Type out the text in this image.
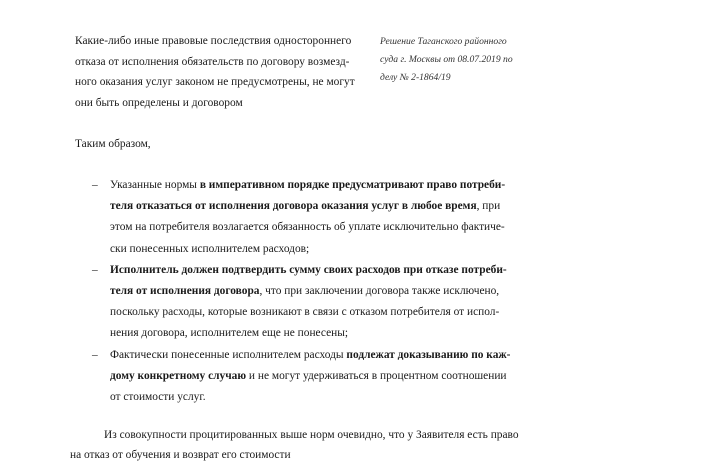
Какие-либо иные правовые последствия одностороннего
отказа от исполнения обязательств по договору возмезд-
ного оказания услуг законом не предусмотрены, не могут
они быть определены и договором
Решение Таганского районного
суда г. Москвы от 08.07.2019 по
делу № 2-1864/19
Таким образом,
– Указанные нормы в императивном порядке предусматривают право потреби-
теля отказаться от исполнения договора оказания услуг в любое время, при
этом на потребителя возлагается обязанность об уплате исключительно фактиче-
ски понесенных исполнителем расходов;
– Исполнитель должен подтвердить сумму своих расходов при отказе потреби-
теля от исполнения договора, что при заключении договора также исключено,
поскольку расходы, которые возникают в связи с отказом потребителя от испол-
нения договора, исполнителем еще не понесены;
– Фактически понесенные исполнителем расходы подлежат доказыванию по каж-
дому конкретному случаю и не могут удерживаться в процентном соотношении
от стоимости услуг.
Из совокупности процитированных выше норм очевидно, что у Заявителя есть право
на отказ от обучения и возврат его стоимости
